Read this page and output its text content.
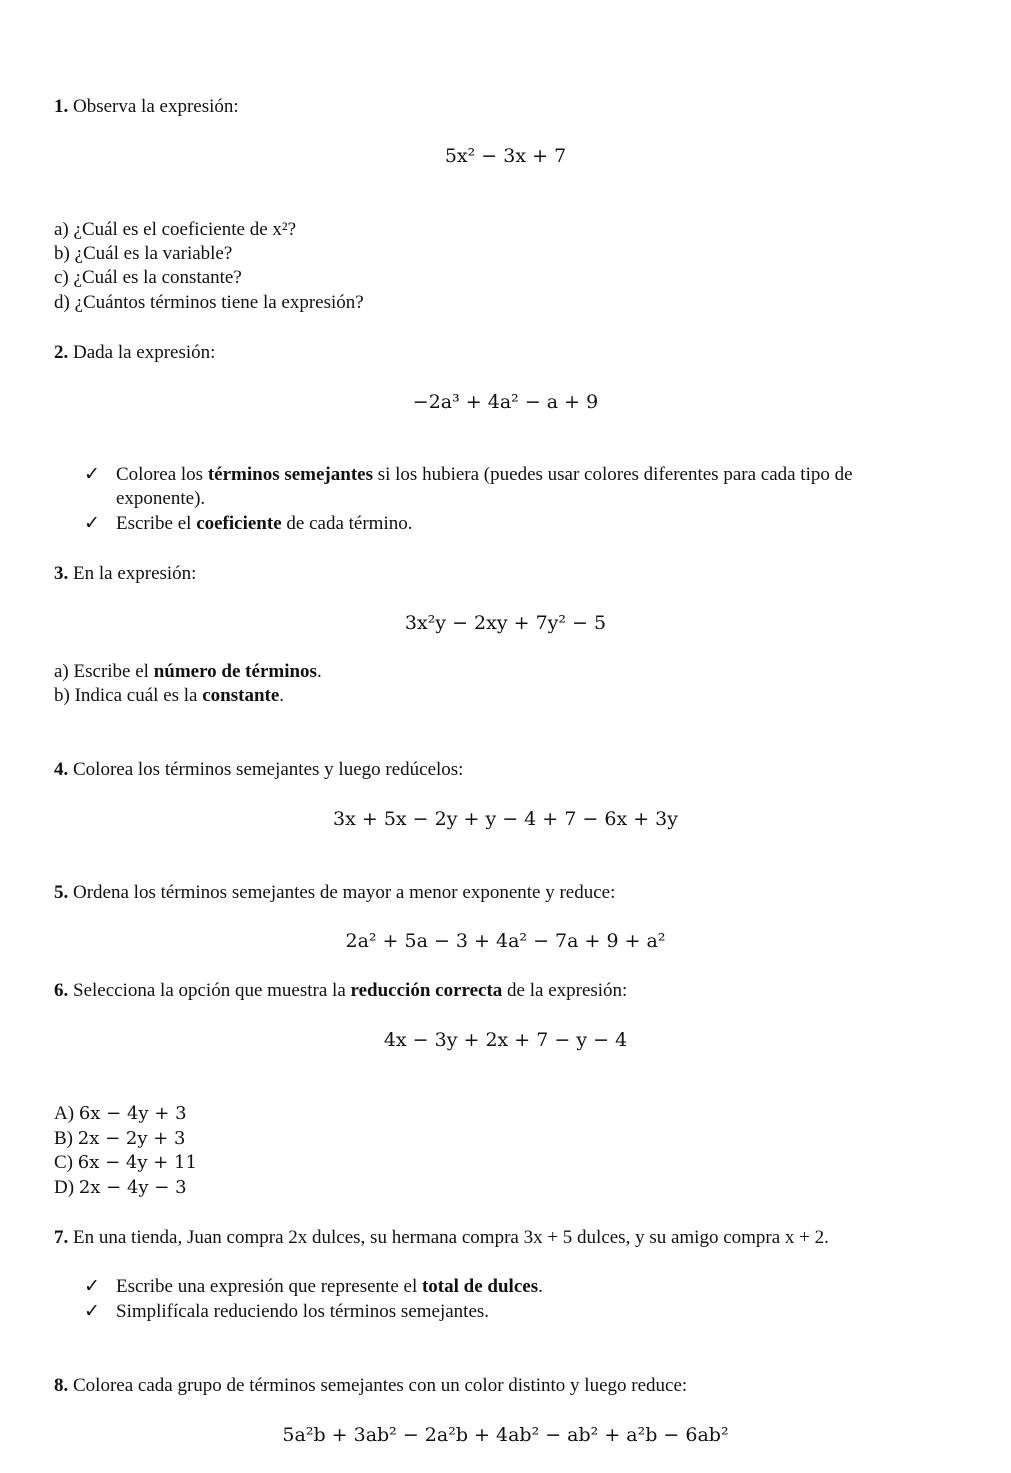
1. Observa la expresión:
5x² − 3x + 7
a) ¿Cuál es el coeficiente de x²?
b) ¿Cuál es la variable?
c) ¿Cuál es la constante?
d) ¿Cuántos términos tiene la expresión?
2. Dada la expresión:
−2a³ + 4a² − a + 9
✓ Colorea los términos semejantes si los hubiera (puedes usar colores diferentes para cada tipo de
exponente).
✓ Escribe el coeficiente de cada término.
3. En la expresión:
3x²y − 2xy + 7y² − 5
a) Escribe el número de términos.
b) Indica cuál es la constante.
4. Colorea los términos semejantes y luego redúcelos:
3x + 5x − 2y + y − 4 + 7 − 6x + 3y
5. Ordena los términos semejantes de mayor a menor exponente y reduce:
2a² + 5a − 3 + 4a² − 7a + 9 + a²
6. Selecciona la opción que muestra la reducción correcta de la expresión:
4x − 3y + 2x + 7 − y − 4
A) 6x − 4y + 3
B) 2x − 2y + 3
C) 6x − 4y + 11
D) 2x − 4y − 3
7. En una tienda, Juan compra 2x dulces, su hermana compra 3x + 5 dulces, y su amigo compra x + 2.
✓ Escribe una expresión que represente el total de dulces.
✓ Simplifícala reduciendo los términos semejantes.
8. Colorea cada grupo de términos semejantes con un color distinto y luego reduce:
5a²b + 3ab² − 2a²b + 4ab² − ab² + a²b − 6ab²
